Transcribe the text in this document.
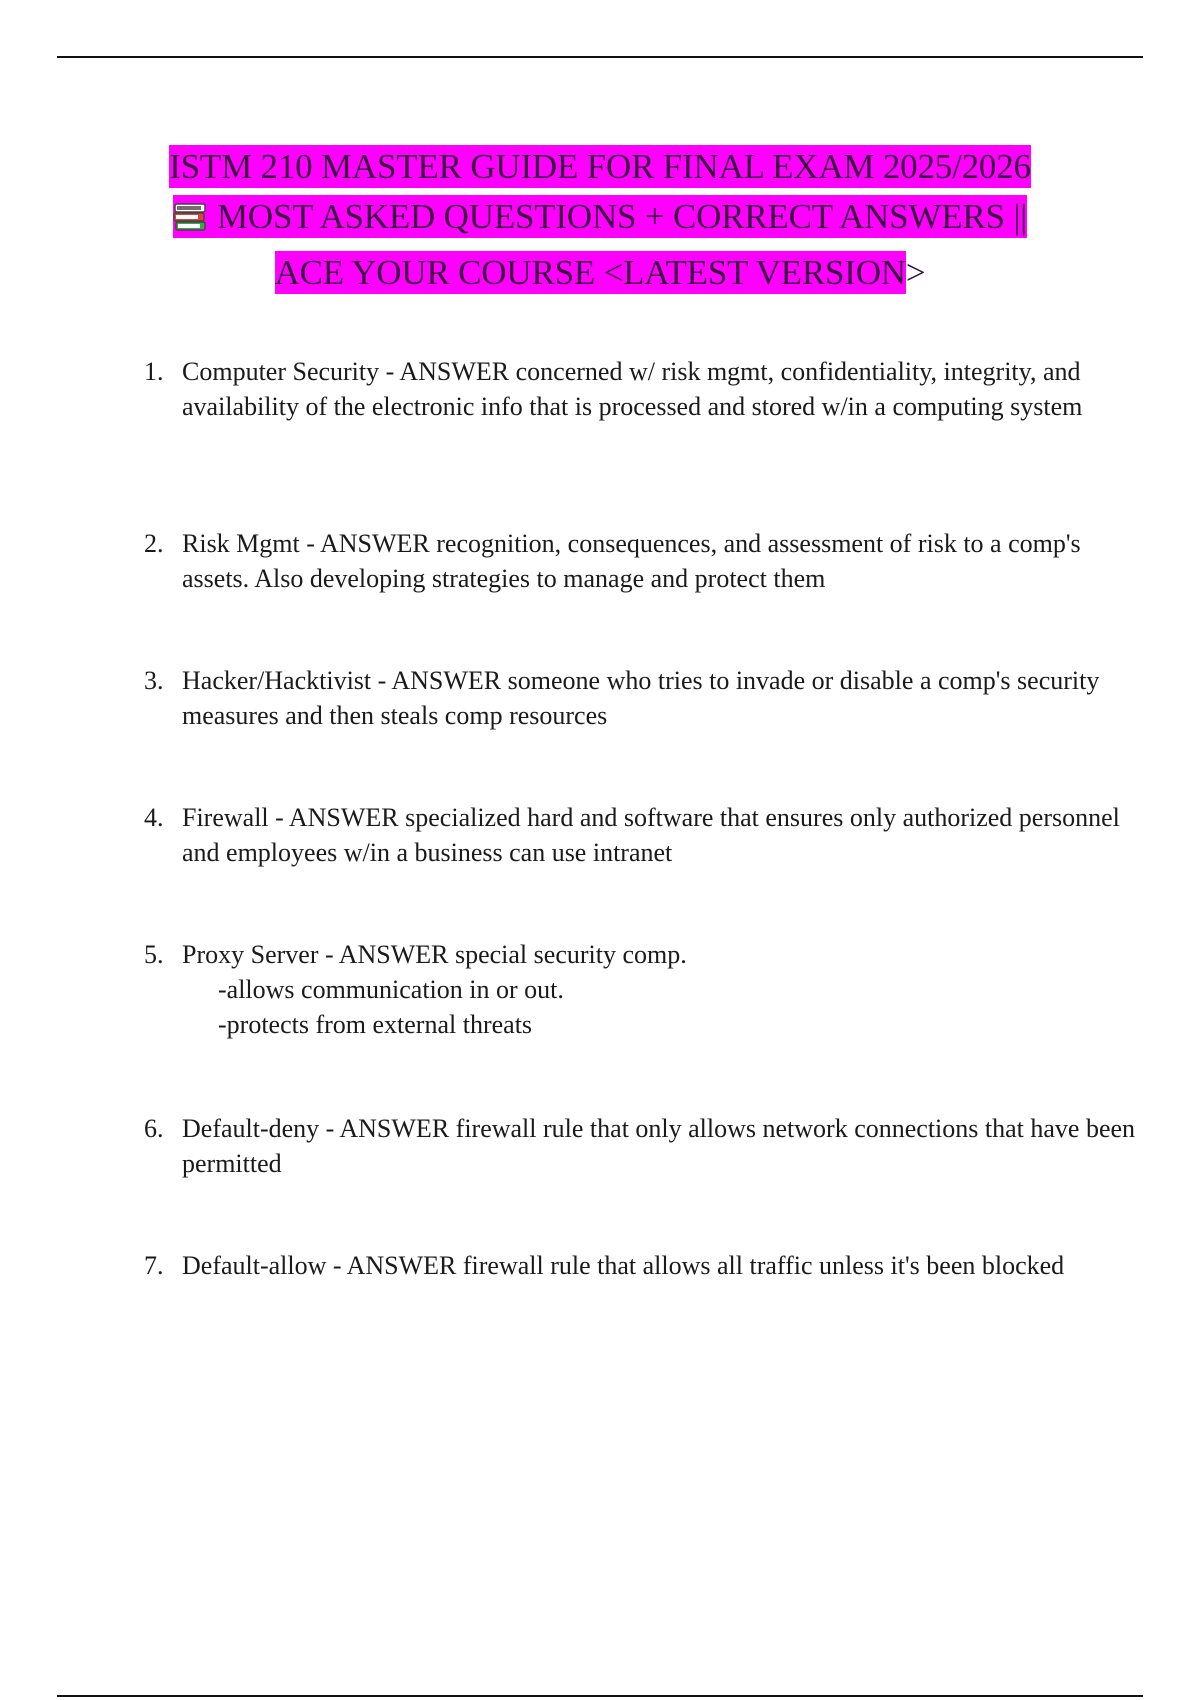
ISTM 210 MASTER GUIDE FOR FINAL EXAM 2025/2026
MOST ASKED QUESTIONS + CORRECT ANSWERS ||
ACE YOUR COURSE <LATEST VERSION>
1. Computer Security - ANSWER concerned w/ risk mgmt, confidentiality, integrity, and availability of the electronic info that is processed and stored w/in a computing system
2. Risk Mgmt - ANSWER recognition, consequences, and assessment of risk to a comp's assets. Also developing strategies to manage and protect them
3. Hacker/Hacktivist - ANSWER someone who tries to invade or disable a comp's security measures and then steals comp resources
4. Firewall - ANSWER specialized hard and software that ensures only authorized personnel and employees w/in a business can use intranet
5. Proxy Server - ANSWER special security comp.
-allows communication in or out.
-protects from external threats
6. Default-deny - ANSWER firewall rule that only allows network connections that have been permitted
7. Default-allow - ANSWER firewall rule that allows all traffic unless it's been blocked
